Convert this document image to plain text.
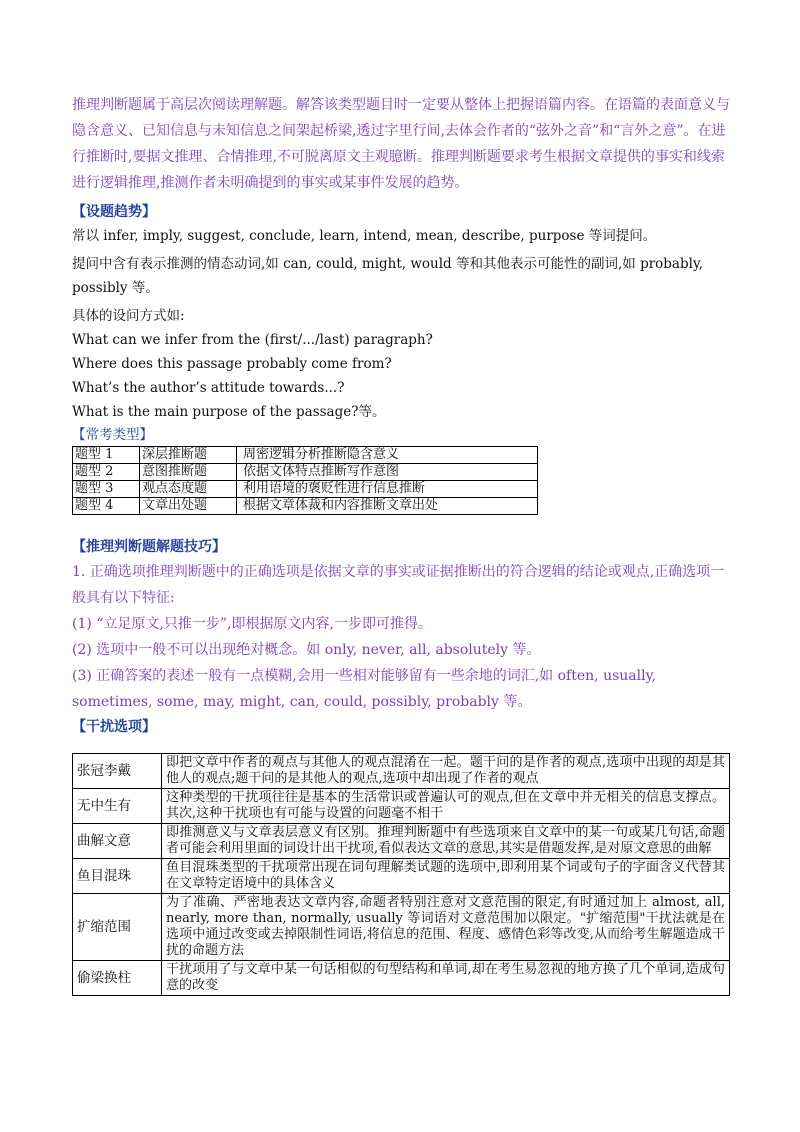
推理判断题属于高层次阅读理解题。解答该类型题目时一定要从整体上把握语篇内容。在语篇的表面意义与隐含意义、已知信息与未知信息之间架起桥梁,透过字里行间,去体会作者的“弦外之音”和“言外之意”。在进行推断时,要据文推理、合情推理,不可脱离原文主观臆断。推理判断题要求考生根据文章提供的事实和线索进行逻辑推理,推测作者未明确提到的事实或某事件发展的趋势。

【设题趋势】

常以 infer, imply, suggest, conclude, learn, intend, mean, describe, purpose 等词提问。

提问中含有表示推测的情态动词,如 can, could, might, would 等和其他表示可能性的副词,如 probably, possibly 等。

具体的设问方式如:

What can we infer from the (first/.../last) paragraph?

Where does this passage probably come from?

What’s the author’s attitude towards...?

What is the main purpose of the passage?等。

【常考类型】
题型 1	深层推断题	周密逻辑分析推断隐含意义
题型 2	意图推断题	依据文体特点推断写作意图
题型 3	观点态度题	利用语境的褒贬性进行信息推断
题型 4	文章出处题	根据文章体裁和内容推断文章出处

【推理判断题解题技巧】

1. 正确选项推理判断题中的正确选项是依据文章的事实或证据推断出的符合逻辑的结论或观点,正确选项一般具有以下特征:

(1) “立足原文,只推一步”,即根据原文内容,一步即可推得。

(2) 选项中一般不可以出现绝对概念。如 only, never, all, absolutely 等。

(3) 正确答案的表述一般有一点模糊,会用一些相对能够留有一些余地的词汇,如 often, usually, sometimes, some, may, might, can, could, possibly, probably 等。

【干扰选项】

张冠李戴	即把文章中作者的观点与其他人的观点混淆在一起。题干问的是作者的观点,选项中出现的却是其他人的观点;题干问的是其他人的观点,选项中却出现了作者的观点
无中生有	这种类型的干扰项往往是基本的生活常识或普遍认可的观点,但在文章中并无相关的信息支撑点。其次,这种干扰项也有可能与设置的问题毫不相干
曲解文意	即推测意义与文章表层意义有区别。推理判断题中有些选项来自文章中的某一句或某几句话,命题者可能会利用里面的词设计出干扰项,看似表达文章的意思,其实是借题发挥,是对原文意思的曲解
鱼目混珠	鱼目混珠类型的干扰项常出现在词句理解类试题的选项中,即利用某个词或句子的字面含义代替其在文章特定语境中的具体含义
扩缩范围	为了准确、严密地表达文章内容,命题者特别注意对文意范围的限定,有时通过加上 almost, all, nearly, more than, normally, usually 等词语对文意范围加以限定。"扩缩范围"干扰法就是在选项中通过改变或去掉限制性词语,将信息的范围、程度、感情色彩等改变,从而给考生解题造成干扰的命题方法
偷梁换柱	干扰项用了与文章中某一句话相似的句型结构和单词,却在考生易忽视的地方换了几个单词,造成句意的改变
